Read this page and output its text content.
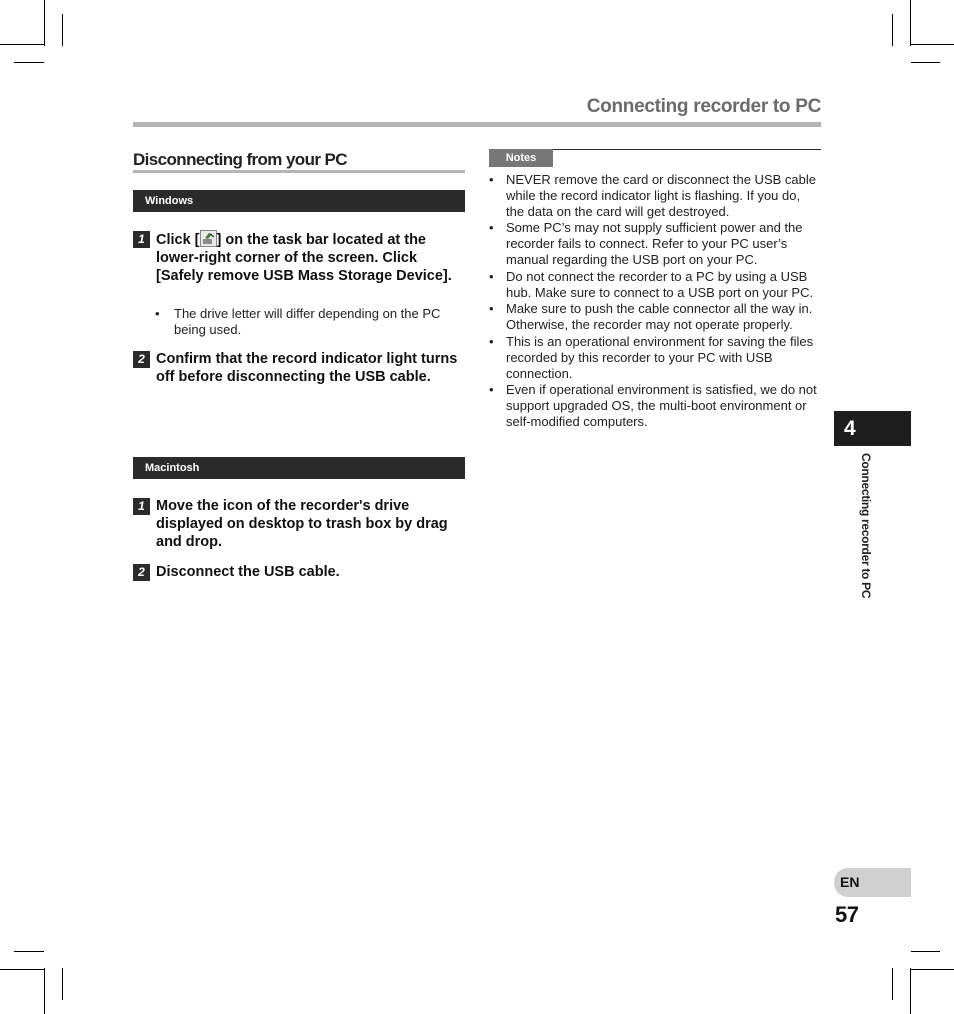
Connecting recorder to PC
Disconnecting from your PC
Windows
1 Click [ ] on the task bar located at the lower-right corner of the screen. Click [Safely remove USB Mass Storage Device].
• The drive letter will differ depending on the PC being used.
2 Confirm that the record indicator light turns off before disconnecting the USB cable.
Macintosh
1 Move the icon of the recorder's drive displayed on desktop to trash box by drag and drop.
2 Disconnect the USB cable.
Notes
• NEVER remove the card or disconnect the USB cable while the record indicator light is flashing. If you do, the data on the card will get destroyed.
• Some PC’s may not supply sufficient power and the recorder fails to connect. Refer to your PC user’s manual regarding the USB port on your PC.
• Do not connect the recorder to a PC by using a USB hub. Make sure to connect to a USB port on your PC.
• Make sure to push the cable connector all the way in. Otherwise, the recorder may not operate properly.
• This is an operational environment for saving the files recorded by this recorder to your PC with USB connection.
• Even if operational environment is satisfied, we do not support upgraded OS, the multi-boot environment or self-modified computers.	4
Connecting recorder to PC
EN
57
